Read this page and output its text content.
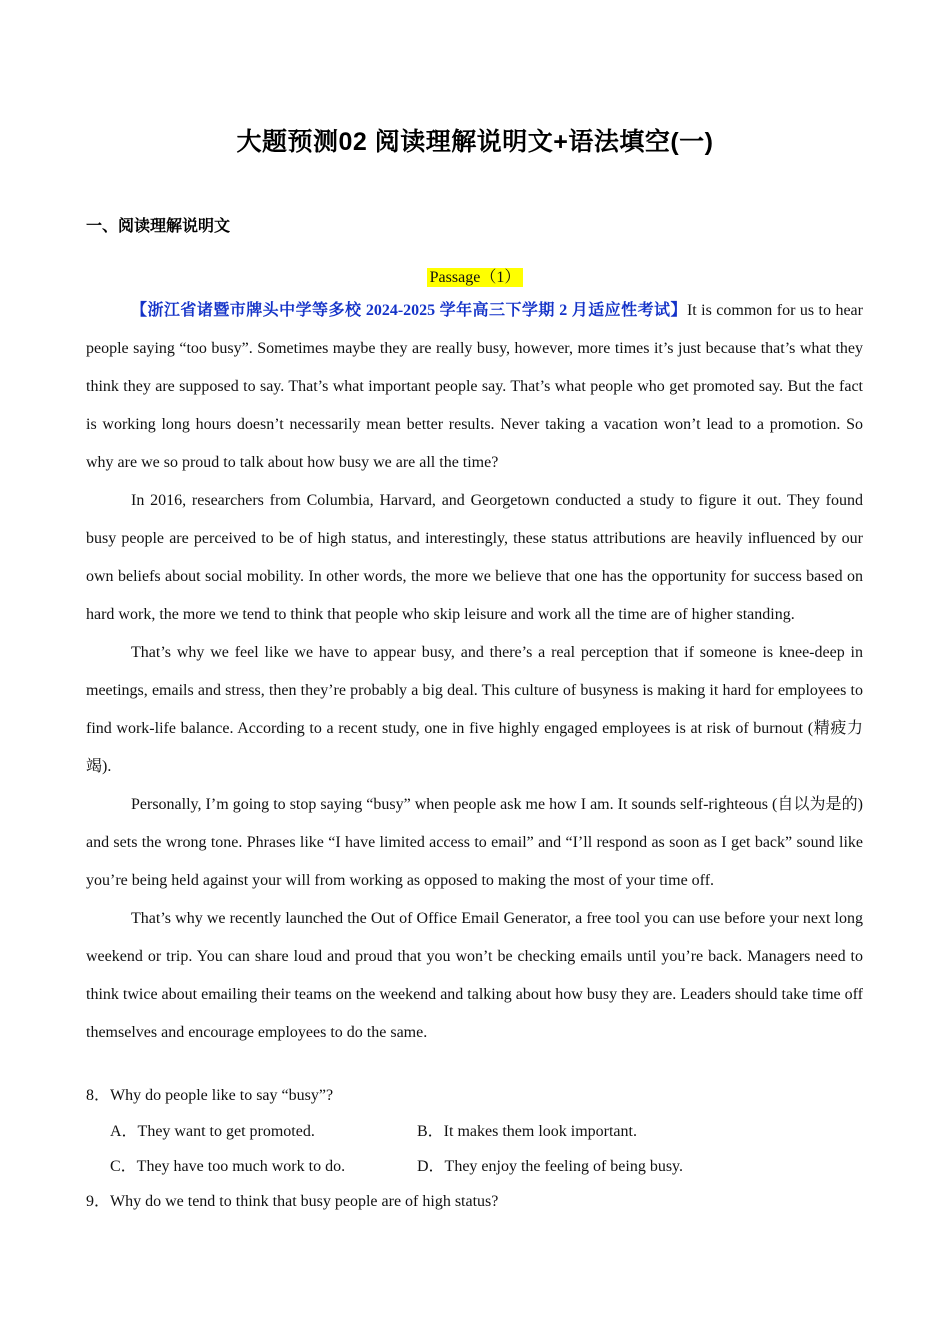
大题预测02 阅读理解说明文+语法填空(一)
一、阅读理解说明文
Passage（1）

【浙江省诸暨市牌头中学等多校 2024-2025 学年高三下学期 2 月适应性考试】It is common for us to hear people saying “too busy”. Sometimes maybe they are really busy, however, more times it’s just because that’s what they think they are supposed to say. That’s what important people say. That’s what people who get promoted say. But the fact is working long hours doesn’t necessarily mean better results. Never taking a vacation won’t lead to a promotion. So why are we so proud to talk about how busy we are all the time?

In 2016, researchers from Columbia, Harvard, and Georgetown conducted a study to figure it out. They found busy people are perceived to be of high status, and interestingly, these status attributions are heavily influenced by our own beliefs about social mobility. In other words, the more we believe that one has the opportunity for success based on hard work, the more we tend to think that people who skip leisure and work all the time are of higher standing.

That’s why we feel like we have to appear busy, and there’s a real perception that if someone is knee-deep in meetings, emails and stress, then they’re probably a big deal. This culture of busyness is making it hard for employees to find work-life balance. According to a recent study, one in five highly engaged employees is at risk of burnout (精疲力竭).

Personally, I’m going to stop saying “busy” when people ask me how I am. It sounds self-righteous (自以为是的) and sets the wrong tone. Phrases like “I have limited access to email” and “I’ll respond as soon as I get back” sound like you’re being held against your will from working as opposed to making the most of your time off.

That’s why we recently launched the Out of Office Email Generator, a free tool you can use before your next long weekend or trip. You can share loud and proud that you won’t be checking emails until you’re back. Managers need to think twice about emailing their teams on the weekend and talking about how busy they are. Leaders should take time off themselves and encourage employees to do the same.

8．Why do people like to say “busy”?
A．They want to get promoted.	B．It makes them look important.
C．They have too much work to do.	D．They enjoy the feeling of being busy.
9．Why do we tend to think that busy people are of high status?
